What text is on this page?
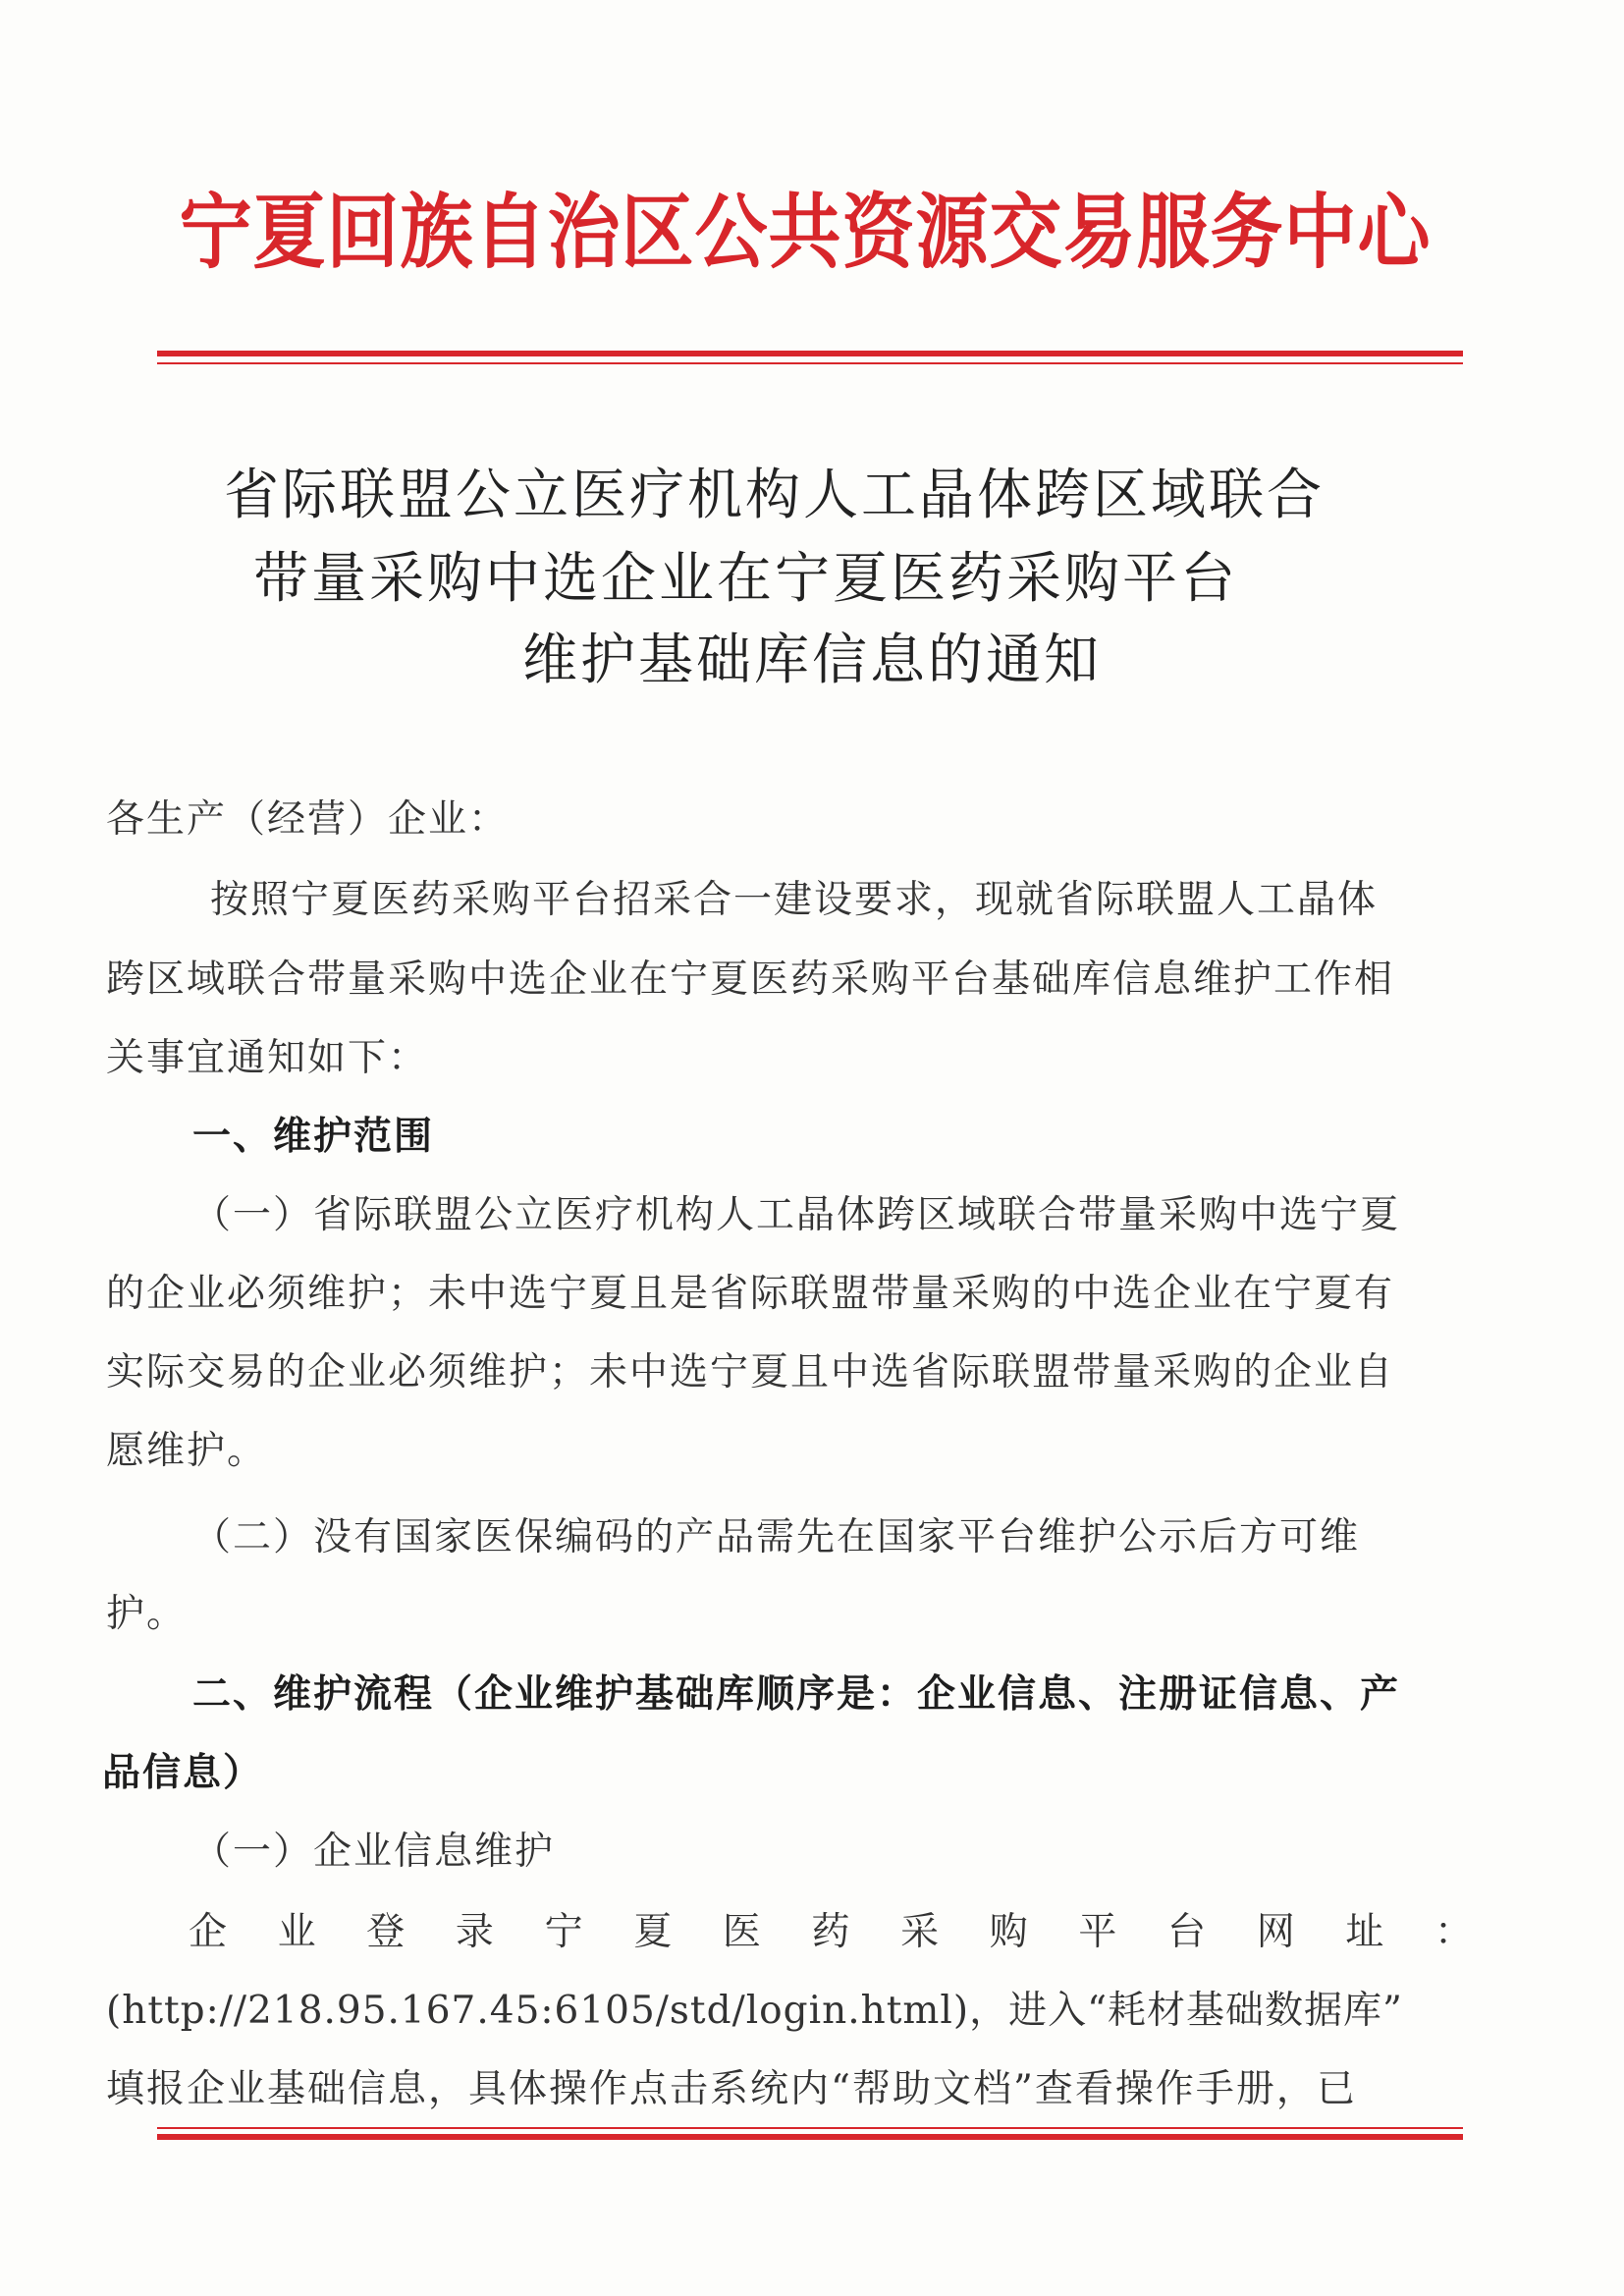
宁夏回族自治区公共资源交易服务中心
省际联盟公立医疗机构人工晶体跨区域联合
带量采购中选企业在宁夏医药采购平台
维护基础库信息的通知
各生产（经营）企业：
按照宁夏医药采购平台招采合一建设要求，现就省际联盟人工晶体
跨区域联合带量采购中选企业在宁夏医药采购平台基础库信息维护工作相
关事宜通知如下：
一、维护范围
（一）省际联盟公立医疗机构人工晶体跨区域联合带量采购中选宁夏
的企业必须维护；未中选宁夏且是省际联盟带量采购的中选企业在宁夏有
实际交易的企业必须维护；未中选宁夏且中选省际联盟带量采购的企业自
愿维护。
（二）没有国家医保编码的产品需先在国家平台维护公示后方可维
护。
二、维护流程（企业维护基础库顺序是：企业信息、注册证信息、产
品信息）
（一）企业信息维护
企 业 登 录 宁 夏 医 药 采 购 平 台 网 址 ：
(http://218.95.167.45:6105/std/login.html)，进入“耗材基础数据库”
填报企业基础信息，具体操作点击系统内“帮助文档”查看操作手册，已
